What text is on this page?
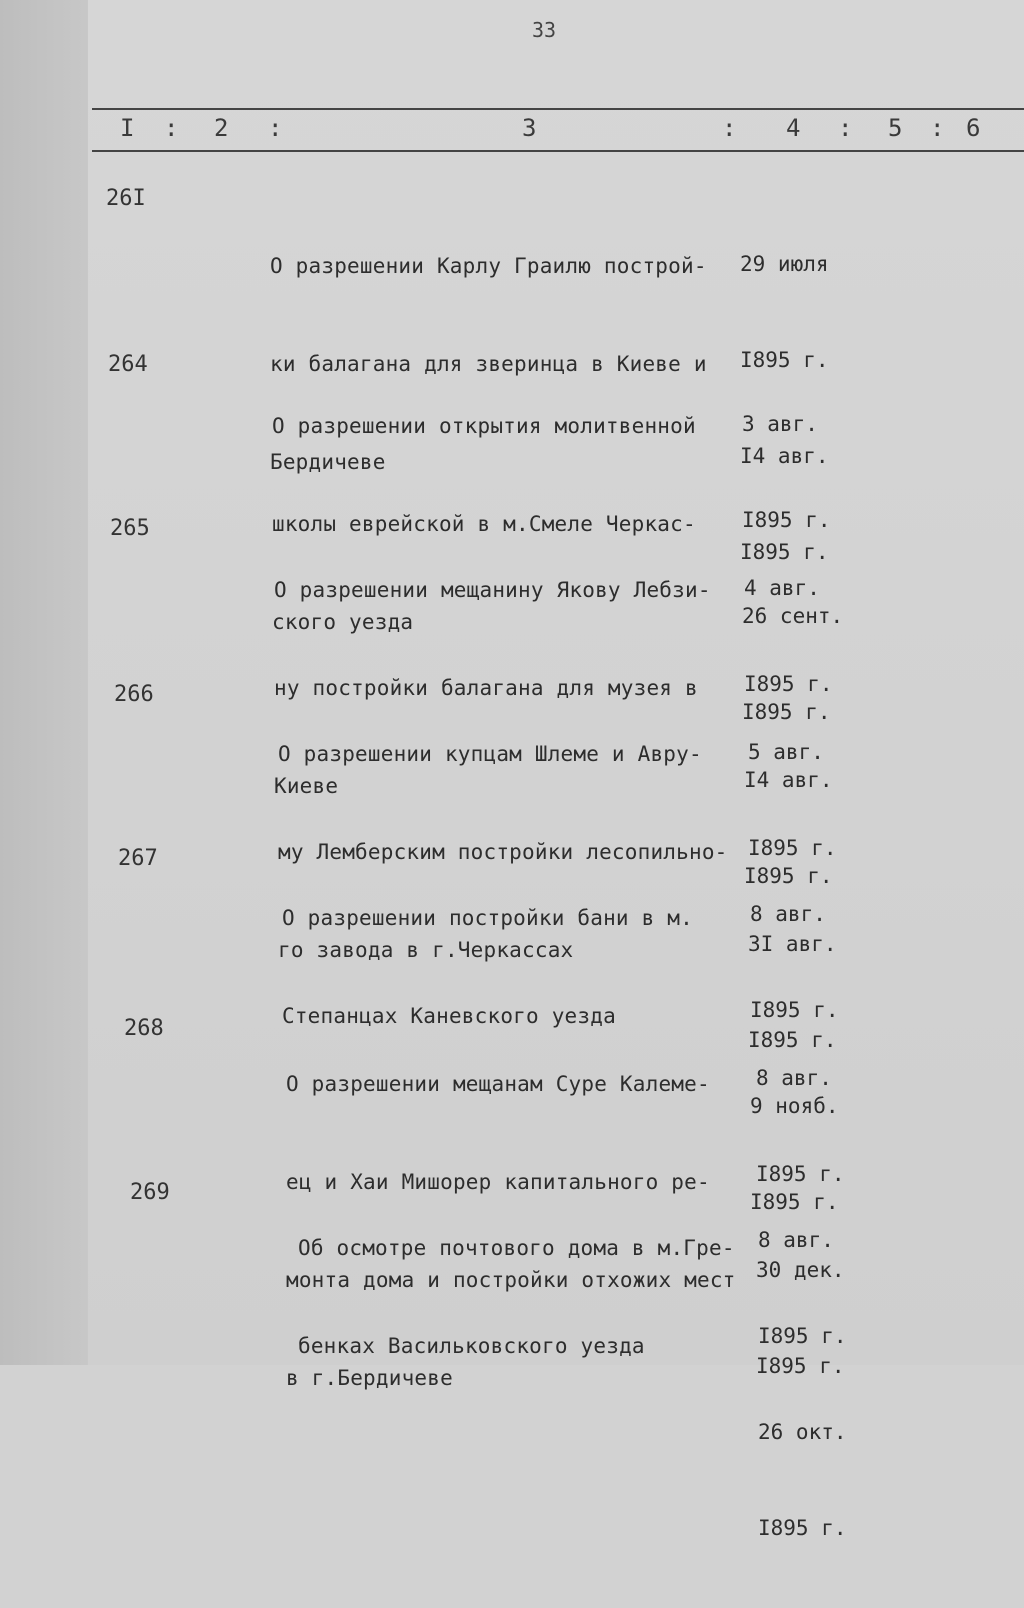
33
I : 2 :	3	: 4 : 5 : 6
26I

О разрешении Карлу Граилю построй-

ки балагана для зверинца в Киеве и

Бердичеве

29 июля

I895 г.

I4 авг.

I895 г.

264

О разрешении открытия молитвенной

школы еврейской в м.Смеле Черкас-

ского уезда

3 авг.

I895 г.

26 сент.

I895 г.

265

О разрешении мещанину Якову Лебзи-

ну постройки балагана для музея в

Киеве

4 авг.

I895 г.

I4 авг.

I895 г.

266

О разрешении купцам Шлеме и Авру-

му Лемберским постройки лесопильно-

го завода в г.Черкассах

5 авг.

I895 г.

3I авг.

I895 г.

267

О разрешении постройки бани в м.

Степанцах Каневского уезда

8 авг.

I895 г.

9 нояб.

I895 г.

268

О разрешении мещанам Суре Калеме-

ец и Хаи Мишорер капитального ре-

монта дома и постройки отхожих мест

в г.Бердичеве

8 авг.

I895 г.

30 дек.

I895 г.

269

Об осмотре почтового дома в м.Гре-

бенках Васильковского уезда

8 авг.

I895 г.

26 окт.

I895 г.
